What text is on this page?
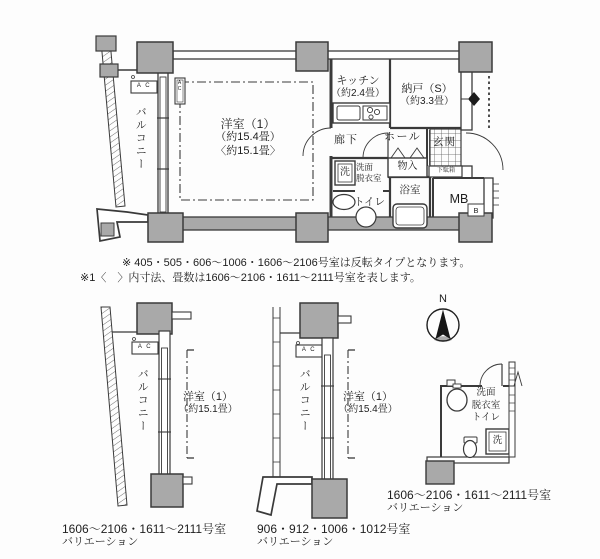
バルコニー
A C	AC
洋室（1）
（約15.4畳）
〈約15.1畳〉
キッチン
（約2.4畳）	納戸（S）
（約3.3畳）
廊下 ホール 玄関
物入	下駄箱
洗 洗面
脱衣室
トイレ
浴室
MB
B
※ 405・505・606〜1006・1606〜2106号室は反転タイプとなります。
※1〈　〉内寸法、畳数は1606〜2106・1611〜2111号室を表します。
バルコニー
A C
洋室（1）
（約15.1畳）
1606〜2106・1611〜2111号室
バリエーション
バルコニー
A C
洋室（1）
（約15.4畳）
906・912・1006・1012号室
バリエーション
洗面
脱衣室
トイレ
洗
1606〜2106・1611〜2111号室
バリエーション
N
